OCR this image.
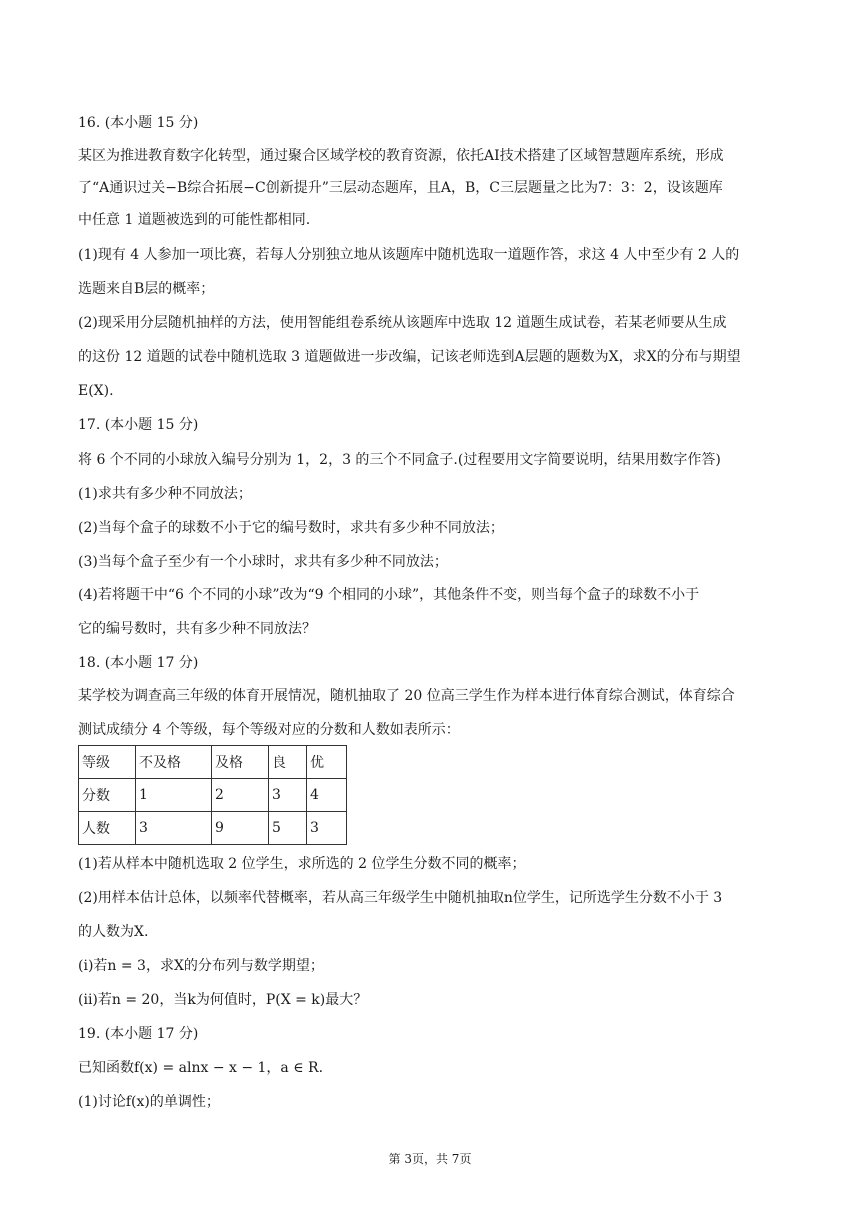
16. (本小题 15 分)
某区为推进教育数字化转型，通过聚合区域学校的教育资源，依托AI技术搭建了区域智慧题库系统，形成
了“A通识过关−B综合拓展−C创新提升”三层动态题库，且A，B，C三层题量之比为7：3：2，设该题库
中任意 1 道题被选到的可能性都相同.
(1)现有 4 人参加一项比赛，若每人分别独立地从该题库中随机选取一道题作答，求这 4 人中至少有 2 人的
选题来自B层的概率；
(2)现采用分层随机抽样的方法，使用智能组卷系统从该题库中选取 12 道题生成试卷，若某老师要从生成
的这份 12 道题的试卷中随机选取 3 道题做进一步改编，记该老师选到A层题的题数为X，求X的分布与期望
E(X).
17. (本小题 15 分)
将 6 个不同的小球放入编号分别为 1，2，3 的三个不同盒子.(过程要用文字简要说明，结果用数字作答)
(1)求共有多少种不同放法；
(2)当每个盒子的球数不小于它的编号数时，求共有多少种不同放法；
(3)当每个盒子至少有一个小球时，求共有多少种不同放法；
(4)若将题干中“6 个不同的小球”改为“9 个相同的小球”，其他条件不变，则当每个盒子的球数不小于
它的编号数时，共有多少种不同放法？
18. (本小题 17 分)
某学校为调查高三年级的体育开展情况，随机抽取了 20 位高三学生作为样本进行体育综合测试，体育综合
测试成绩分 4 个等级，每个等级对应的分数和人数如表所示：
等级	不及格	及格	良	优
分数	1	2	3	4
人数	3	9	5	3
(1)若从样本中随机选取 2 位学生，求所选的 2 位学生分数不同的概率；
(2)用样本估计总体，以频率代替概率，若从高三年级学生中随机抽取n位学生，记所选学生分数不小于 3
的人数为X.
(i)若n = 3，求X的分布列与数学期望；
(ii)若n = 20，当k为何值时，P(X = k)最大？
19. (本小题 17 分)
已知函数f(x) = alnx − x − 1，a ∈ R.
(1)讨论f(x)的单调性；
第 3页，共 7页
